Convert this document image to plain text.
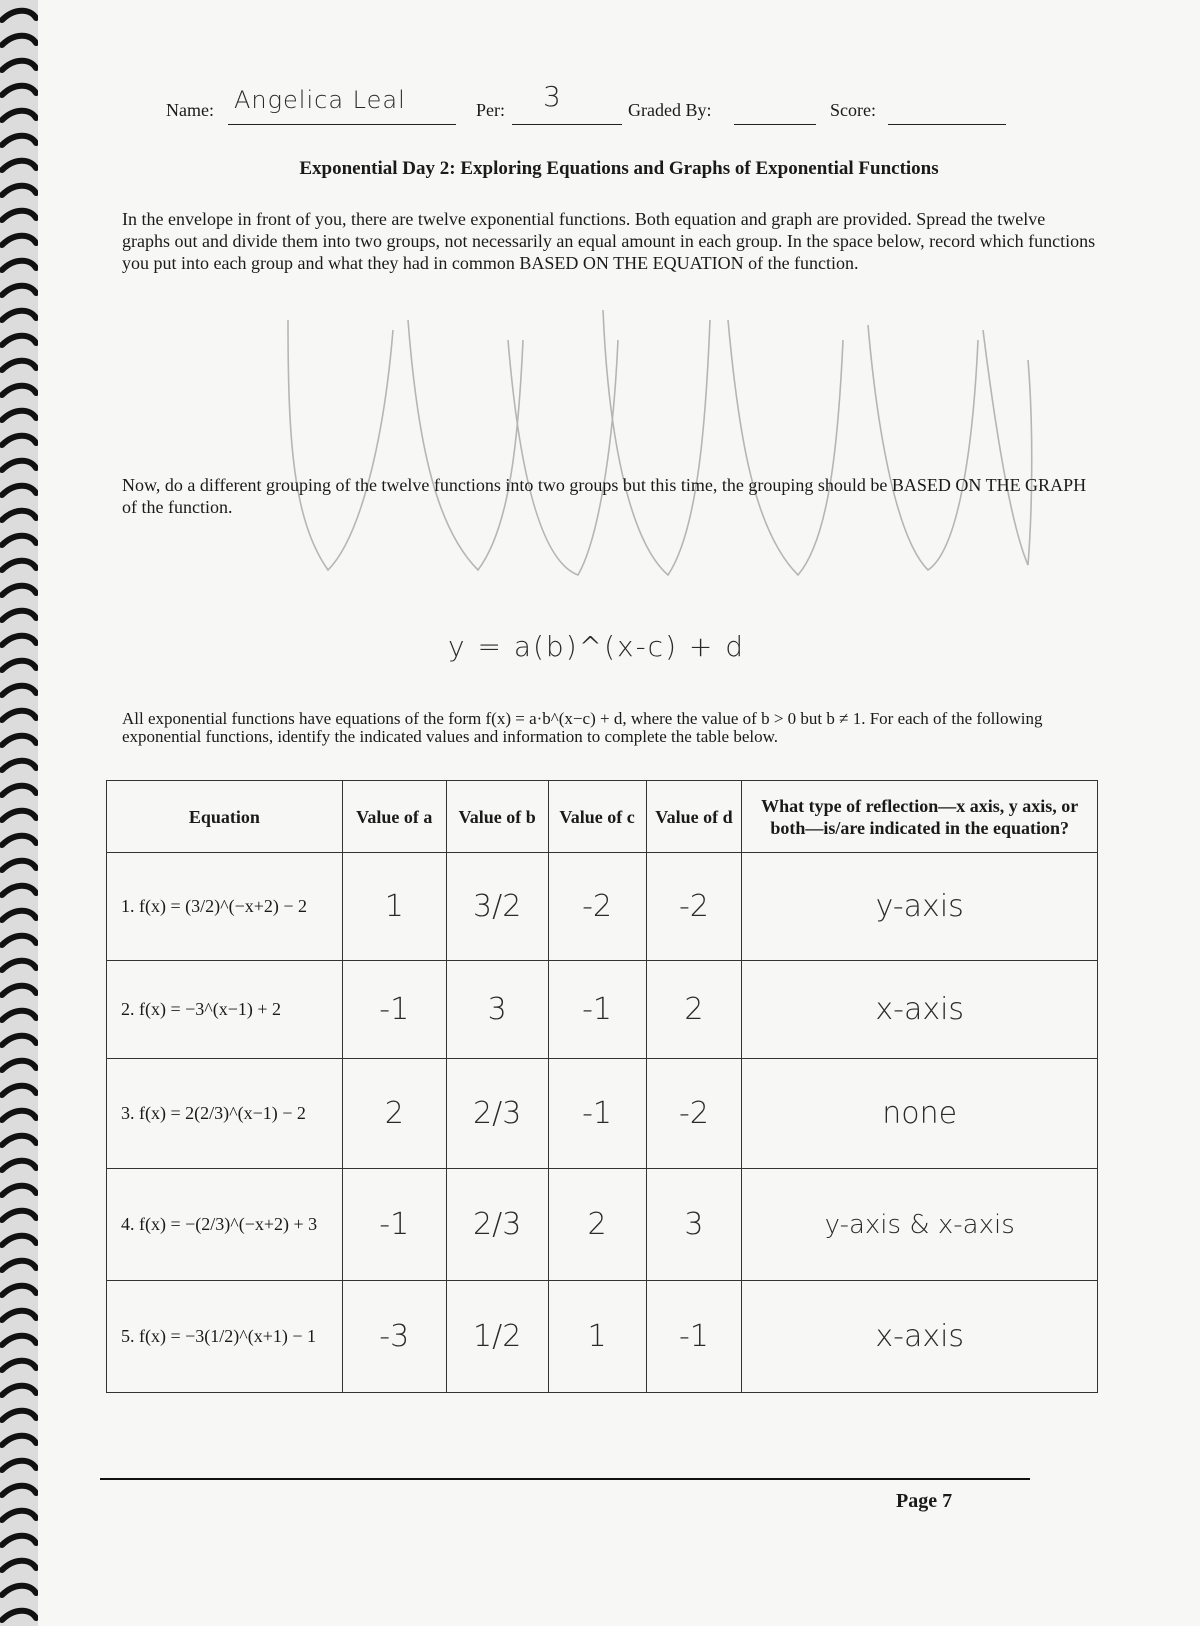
Name: Angelica Leal	Per: 3	Graded By:	Score:
Exponential Day 2: Exploring Equations and Graphs of Exponential Functions
In the envelope in front of you, there are twelve exponential functions. Both equation and graph are provided. Spread the twelve graphs out and divide them into two groups, not necessarily an equal amount in each group. In the space below, record which functions you put into each group and what they had in common BASED ON THE EQUATION of the function.
Now, do a different grouping of the twelve functions into two groups but this time, the grouping should be BASED ON THE GRAPH of the function.
y = a(b)^(x-c) + d
All exponential functions have equations of the form f(x) = a·b^(x−c) + d, where the value of b > 0 but b ≠ 1. For each of the following exponential functions, identify the indicated values and information to complete the table below.
Equation	Value of a	Value of b	Value of c	Value of d	What type of reflection—x axis, y axis, or both—is/are indicated in the equation?
1. f(x) = (3/2)^(−x+2) − 2	1	3/2	-2	-2	y-axis
2. f(x) = −3^(x−1) + 2	-1	3	-1	2	x-axis
3. f(x) = 2(2/3)^(x−1) − 2	2	2/3	-1	-2	none
4. f(x) = −(2/3)^(−x+2) + 3	-1	2/3	2	3	y-axis & x-axis
5. f(x) = −3(1/2)^(x+1) − 1	-3	1/2	1	-1	x-axis
Page 7
